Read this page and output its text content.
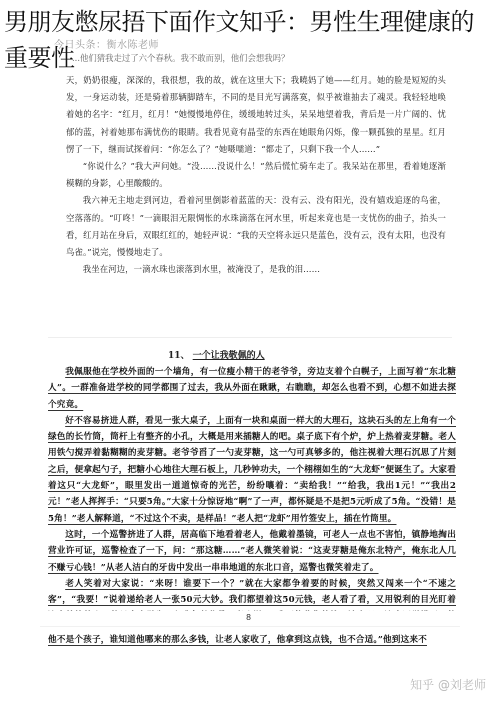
男朋友憋尿捂下面作文知乎：男性生理健康的重要性
今日头条：衡水陈老师
...他们猜我走过了六个春秋。我不敢而别，他们会想我吗？

天，奶奶很瘦，深深的，我很想，我的故，就在这里大下；我曉妈了她——红月。她的脸是短短的头发，一身运动装，还是骑着那辆脚踏车，不同的是目光写满落寞，似乎被谁抽去了魂灵。我轻轻地唤着她的名字：“红月，红月！”她慢慢地停住，缓缓地转过头，呆呆地望着我，背后是一片广阔的、忧郁的蓝，衬着她那布满忧伤的眼睛。我看见竟有晶莹的东西在她眼角闪烁，像一颗孤独的星星。红月愣了一下，继而试探着问：“你怎么了？”她嗫嚅道：“都走了，只剩下我一个人……”

“你说什么？”我大声问她。“没……没说什么！”然后慌忙骑车走了。我呆站在那里，看着她逐渐模糊的身影，心里酸酸的。

我六神无主地走到河边，看着河里倒影着蓝蓝的天：没有云、没有阳光，没有嬉戏追逐的鸟雀，空落落的。“叮咚！”一滴眼泪无限惆怅的水珠滴落在河水里，听起来竟也是一支忧伤的曲子，抬头一看，红月站在身后，双眼红红的，她轻声说：“我的天空将永远只是蓝色，没有云，没有太阳，也没有鸟雀。”说完，慢慢地走了。

我坐在河边，一滴水珠也滚落到水里，被淹没了，是我的泪……

11、 一个让我敬佩的人

我佩服他在学校外面的一个墙角，有一位瘦小精干的老爷爷，旁边支着个白幌子，上面写着“东北糖人”。一群准备进学校的同学都围了过去，我从外面在瞅瞅，右瞧瞧，却怎么也看不到，心想不如进去探个究竟。

好不容易挤进人群，看见一张大桌子，上面有一块和桌面一样大的大理石，这块石头的左上角有一个绿色的长竹筒，筒杆上有整齐的小孔，大概是用来插糖人的吧。桌子底下有个炉，炉上热着麦芽糖。老人用铁勺搅弄着黏糊糊的麦芽糖。老爷爷舀了一勺麦芽糖，这一勺可真够多的，他注视着大理石沉思了片刻之后，便拿起勺子，把糖小心地往大理石板上，几秒钟功夫，一个栩栩如生的“大龙虾”便诞生了。大家看着这只“大龙虾”，眼里发出一道道惊奇的光芒，纷纷嚷着：“卖给我！”“给我，我出1元！”“我出2元！”老人挥挥手：“只要5角。”大家十分惊讶地“啊”了一声，都怀疑是不是把5元听成了5角。“没错！是5角！”老人解释道，“不过这个不卖，是样品！”老人把“龙虾”用竹签安上，插在竹筒里。

这时，一个巡警挤进了人群，居高临下地看着老人，他戴着墨镜，可老人一点也不害怕，镇静地掏出营业许可证，巡警检查了一下，问：“那这糖……”老人微笑着说：“这麦芽糖是俺东北特产，俺东北人几不赚亏心钱！”从老人洁白的牙齿中发出一串串地道的东北口音，巡警也微笑着走了。

老人笑着对大家说：“来呀！谁要下一个？”就在大家都争着要的时候，突然又闯来一个“不速之客”，“我要！”说着递给老人一张50元大钞。我们都望着这50元钱，老人看了看，又用锐利的目光盯着

8

他不是个孩子，谁知道他哪来的那么多钱，让老人家收了，他拿到这点钱，也不合适。”他到这来不

知乎 @刘老师
